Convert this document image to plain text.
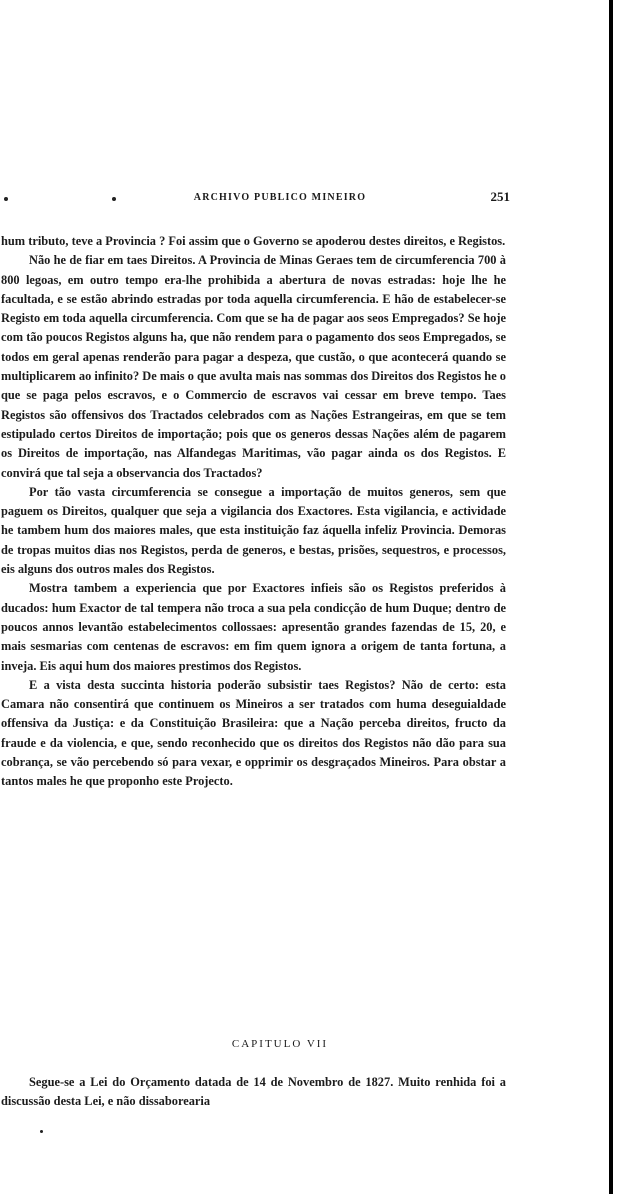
ARCHIVO PUBLICO MINEIRO	251

hum tributo, teve a Provincia ? Foi assim que o Governo se apoderou destes direitos, e Registos.

Não he de fiar em taes Direitos. A Provincia de Minas Geraes tem de circumferencia 700 à 800 legoas, em outro tempo era-lhe prohibida a abertura de novas estradas: hoje lhe he facultada, e se estão abrindo estradas por toda aquella circumferencia. E hão de estabelecer-se Registo em toda aquella circumferencia. Com que se ha de pagar aos seos Empregados? Se hoje com tão poucos Registos alguns ha, que não rendem para o pagamento dos seos Empregados, se todos em geral apenas renderão para pagar a despeza, que custão, o que acontecerá quando se multiplicarem ao infinito? De mais o que avulta mais nas sommas dos Direitos dos Registos he o que se paga pelos escravos, e o Commercio de escravos vai cessar em breve tempo. Taes Registos são offensivos dos Tractados celebrados com as Nações Estrangeiras, em que se tem estipulado certos Direitos de importação; pois que os generos dessas Nações além de pagarem os Direitos de importação, nas Alfandegas Maritimas, vão pagar ainda os dos Registos. E convirá que tal seja a observancia dos Tractados?

Por tão vasta circumferencia se consegue a importação de muitos generos, sem que paguem os Direitos, qualquer que seja a vigilancia dos Exactores. Esta vigilancia, e actividade he tambem hum dos maiores males, que esta instituição faz áquella infeliz Provincia. Demoras de tropas muitos dias nos Registos, perda de generos, e bestas, prisões, sequestros, e processos, eis alguns dos outros males dos Registos.

Mostra tambem a experiencia que por Exactores infieis são os Registos preferidos à ducados: hum Exactor de tal tempera não troca a sua pela condicção de hum Duque; dentro de poucos annos levantão estabelecimentos collossaes: apresentão grandes fazendas de 15, 20, e mais sesmarias com centenas de escravos: em fim quem ignora a origem de tanta fortuna, a inveja. Eis aqui hum dos maiores prestimos dos Registos.

E a vista desta succinta historia poderão subsistir taes Registos? Não de certo: esta Camara não consentirá que continuem os Mineiros a ser tratados com huma deseguialdade offensiva da Justiça: e da Constituição Brasileira: que a Nação perceba direitos, fructo da fraude e da violencia, e que, sendo reconhecido que os direitos dos Registos não dão para sua cobrança, se vão percebendo só para vexar, e opprimir os desgraçados Mineiros. Para obstar a tantos males he que proponho este Projecto.

CAPITULO VII

Segue-se a Lei do Orçamento datada de 14 de Novembro de 1827. Muito renhida foi a discussão desta Lei, e não dissaborearia
